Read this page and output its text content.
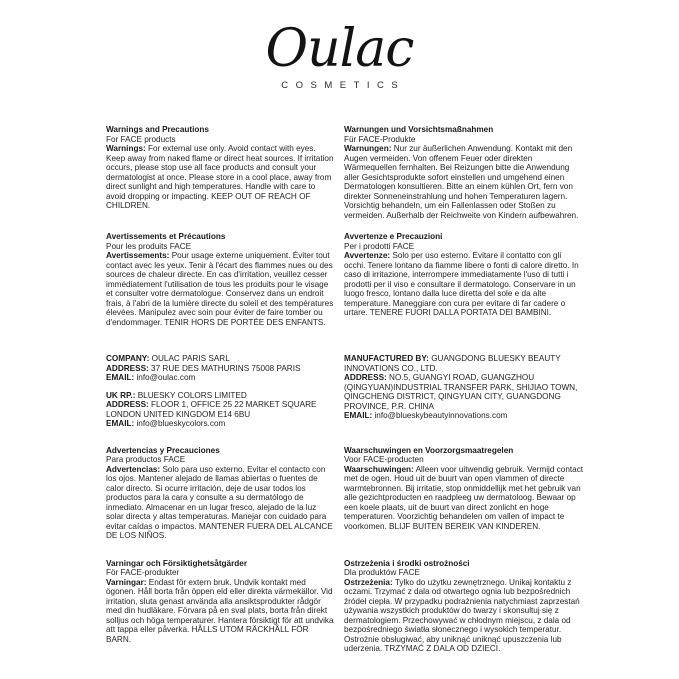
Oulac
COSMETICS

Warnings and Precautions

For FACE products

Warnings: For external use only. Avoid contact with eyes. Keep away from naked flame or direct heat sources. If irritation occurs, please stop use all face products and consult your dermatologist at once. Please store in a cool place, away from direct sunlight and high temperatures. Handle with care to avoid dropping or impacting. KEEP OUT OF REACH OF CHILDREN.

Warnungen und Vorsichtsmaßnahmen

Für FACE-Produkte

Warnungen: Nur zur äußerlichen Anwendung. Kontakt mit den Augen vermeiden. Von offenem Feuer oder direkten Wärmequellen fernhalten. Bei Reizungen bitte die Anwendung aller Gesichtsprodukte sofort einstellen und umgehend einen Dermatologen konsultieren. Bitte an einem kühlen Ort, fern von direkter Sonneneinstrahlung und hohen Temperaturen lagern. Vorsichtig behandeln, um ein Fallenlassen oder Stoßen zu vermeiden. Außerhalb der Reichweite von Kindern aufbewahren.

Avertissements et Précautions

Pour les produits FACE

Avertissements: Pour usage externe uniquement. Éviter tout contact avec les yeux. Tenir à l'écart des flammes nues ou des sources de chaleur directe. En cas d'irritation, veuillez cesser immédiatement l'utilisation de tous les produits pour le visage et consulter votre dermatologue. Conservez dans un endroit frais, à l'abri de la lumière directe du soleil et des températures élevées. Manipulez avec soin pour éviter de faire tomber ou d'endommager. TENIR HORS DE PORTÉE DES ENFANTS.

Avvertenze e Precauzioni

Per i prodotti FACE

Avvertenze: Solo per uso esterno. Evitare il contatto con gli occhi. Tenere lontano da fiamme libere o fonti di calore diretto. In caso di irritazione, interrompere immediatamente l'uso di tutti i prodotti per il viso e consultare il dermatologo. Conservare in un luogo fresco, lontano dalla luce diretta del sole e da alte temperature. Maneggiare con cura per evitare di far cadere o urtare. TENERE FUORI DALLA PORTATA DEI BAMBINI.

COMPANY: OULAC PARIS SARL

ADDRESS: 37 RUE DES MATHURINS 75008 PARIS

EMAIL: info@oulac.com

UK RP.: BLUESKY COLORS LIMITED

ADDRESS: FLOOR 1, OFFICE 25 22 MARKET SQUARE LONDON UNITED KINGDOM E14 6BU

EMAIL: info@blueskycolors.com

MANUFACTURED BY: GUANGDONG BLUESKY BEAUTY INNOVATIONS CO., LTD.

ADDRESS: NO.5, GUANGYI ROAD, GUANGZHOU (QINGYUAN)INDUSTRIAL TRANSFER PARK, SHIJIAO TOWN, QINGCHENG DISTRICT, QINGYUAN CITY, GUANGDONG PROVINCE, P.R. CHINA

EMAIL: info@blueskybeautyinnovations.com

Advertencias y Precauciones

Para productos FACE

Advertencias: Solo para uso externo. Evitar el contacto con los ojos. Mantener alejado de llamas abiertas o fuentes de calor directo. Si ocurre irritación, deje de usar todos los productos para la cara y consulte a su dermatólogo de inmediato. Almacenar en un lugar fresco, alejado de la luz solar directa y altas temperaturas. Manejar con cuidado para evitar caídas o impactos. MANTENER FUERA DEL ALCANCE DE LOS NIÑOS.

Waarschuwingen en Voorzorgsmaatregelen

Voor FACE-producten

Waarschuwingen: Alleen voor uitwendig gebruik. Vermijd contact met de ogen. Houd uit de buurt van open vlammen of directe warmtebronnen. Bij irritatie, stop onmiddellijk met het gebruik van alle gezichtproducten en raadpleeg uw dermatoloog. Bewaar op een koele plaats, uit de buurt van direct zonlicht en hoge temperaturen. Voorzichtig behandelen om vallen of impact te voorkomen. BLIJF BUITEN BEREIK VAN KINDEREN.

Varningar och Försiktighetsåtgärder

För FACE-produkter

Varningar: Endast för extern bruk. Undvik kontakt med ögonen. Håll borta från öppen eld eller direkta värmekällor. Vid irritation, sluta genast använda alla ansiktsprodukter rådgör med din hudläkare. Förvara på en sval plats, borta från direkt solljus och höga temperaturer. Hantera försiktigt för att undvika att tappa eller påverka. HÅLLS UTOM RÄCKHÅLL FÖR BARN.

Ostrzeżenia i środki ostrożności

Dla produktów FACE

Ostrzeżenia: Tylko do użytku zewnętrznego. Unikaj kontaktu z oczami. Trzymać z dala od otwartego ognia lub bezpośrednich źródeł ciepła. W przypadku podrażnienia natychmiast zaprzestań używania wszystkich produktów do twarzy i skonsultuj się z dermatologiem. Przechowywać w chłodnym miejscu, z dala od bezpośredniego światła słonecznego i wysokich temperatur. Ostrożnie obsługiwać, aby uniknąć uniknąć upuszczenia lub uderzenia. TRZYMAĆ Z DALA OD DZIECI.
